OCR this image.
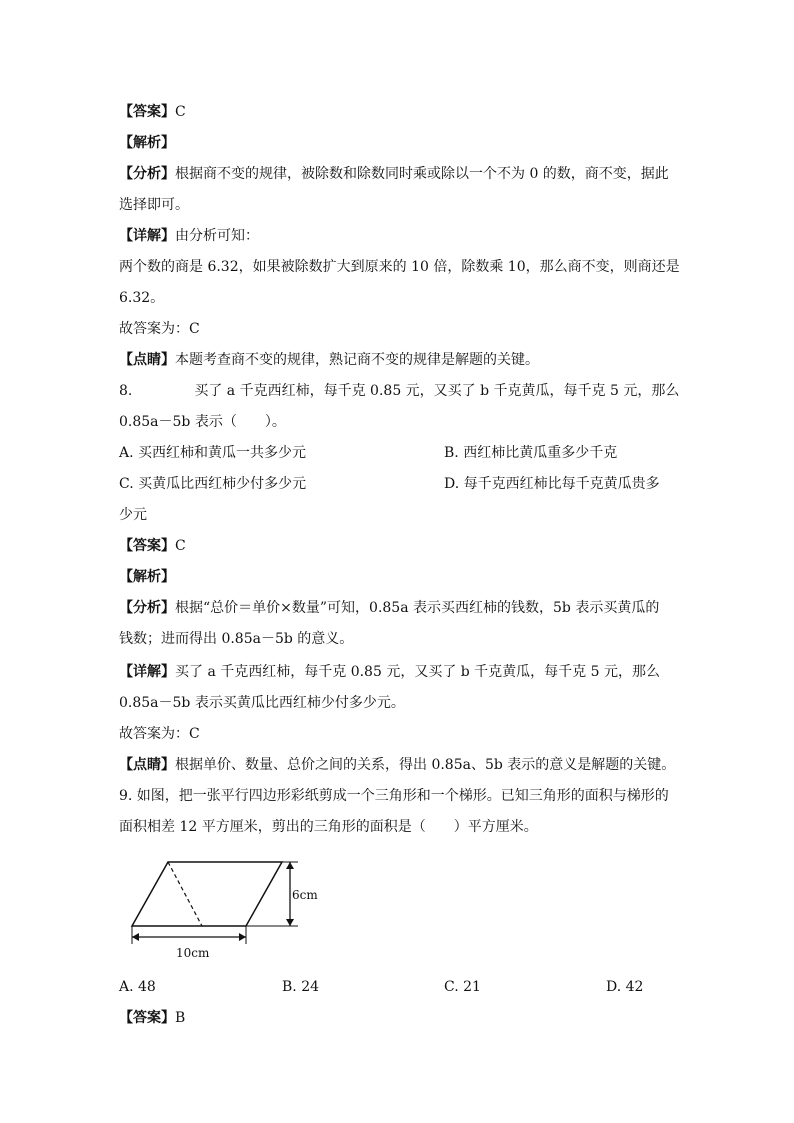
【答案】C
【解析】
【分析】根据商不变的规律，被除数和除数同时乘或除以一个不为 0 的数，商不变，据此
选择即可。
【详解】由分析可知：
两个数的商是 6.32，如果被除数扩大到原来的 10 倍，除数乘 10，那么商不变，则商还是
6.32。
故答案为：C
【点睛】本题考查商不变的规律，熟记商不变的规律是解题的关键。
8.	买了 a 千克西红柿，每千克 0.85 元，又买了 b 千克黄瓜，每千克 5 元，那么
0.85a－5b 表示（　　）。
A. 买西红柿和黄瓜一共多少元	B. 西红柿比黄瓜重多少千克
C. 买黄瓜比西红柿少付多少元	D. 每千克西红柿比每千克黄瓜贵多
少元
【答案】C
【解析】
【分析】根据“总价＝单价×数量”可知，0.85a 表示买西红柿的钱数，5b 表示买黄瓜的
钱数；进而得出 0.85a－5b 的意义。
【详解】买了 a 千克西红柿，每千克 0.85 元，又买了 b 千克黄瓜，每千克 5 元，那么
0.85a－5b 表示买黄瓜比西红柿少付多少元。
故答案为：C
【点睛】根据单价、数量、总价之间的关系，得出 0.85a、5b 表示的意义是解题的关键。
9. 如图，把一张平行四边形彩纸剪成一个三角形和一个梯形。已知三角形的面积与梯形的
面积相差 12 平方厘米，剪出的三角形的面积是（　　）平方厘米。
6cm
10cm
A. 48	B. 24	C. 21	D. 42
【答案】B
